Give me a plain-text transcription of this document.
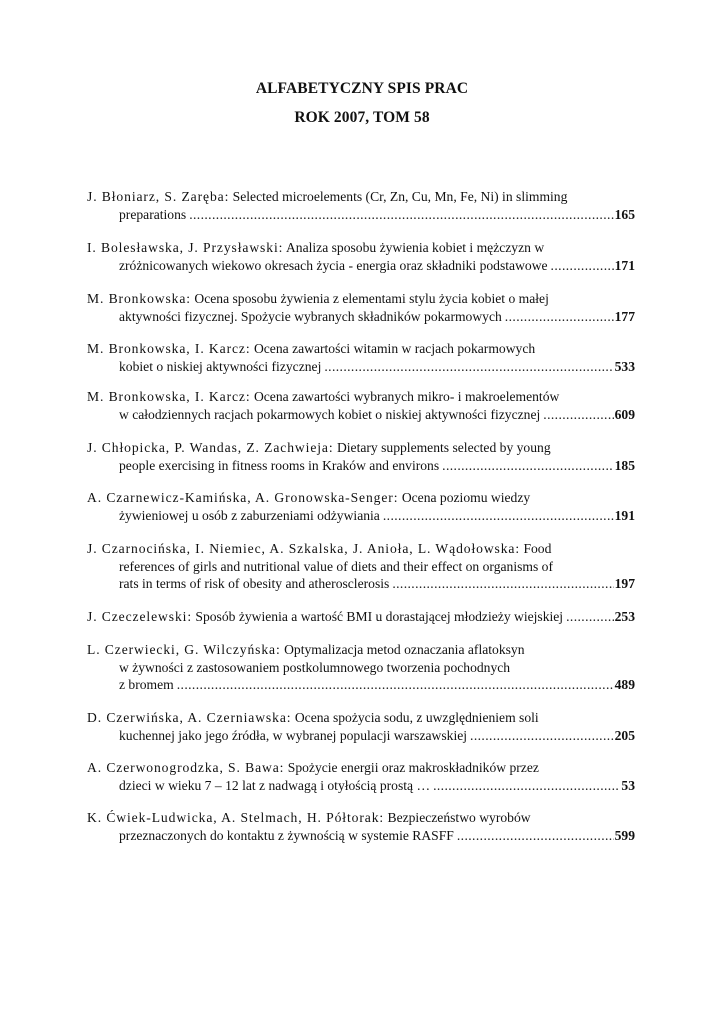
ALFABETYCZNY SPIS PRAC
ROK 2007, TOM 58
J. Błoniarz, S. Zaręba: Selected microelements (Cr, Zn, Cu, Mn, Fe, Ni) in slimming
preparations .....	165
I. Bolesławska, J. Przysławski: Analiza sposobu żywienia kobiet i mężczyzn w
zróżnicowanych wiekowo okresach życia - energia oraz składniki podstawowe .....	171
M. Bronkowska: Ocena sposobu żywienia z elementami stylu życia kobiet o małej
aktywności fizycznej. Spożycie wybranych składników pokarmowych .....	177
M. Bronkowska, I. Karcz: Ocena zawartości witamin w racjach pokarmowych
kobiet o niskiej aktywności fizycznej .....	533
M. Bronkowska, I. Karcz: Ocena zawartości wybranych mikro- i makroelementów
w całodziennych racjach pokarmowych kobiet o niskiej aktywności fizycznej .....	609
J. Chłopicka, P. Wandas, Z. Zachwieja: Dietary supplements selected by young
people exercising in fitness rooms in Kraków and environs .....	185
A. Czarnewicz-Kamińska, A. Gronowska-Senger: Ocena poziomu wiedzy
żywieniowej u osób z zaburzeniami odżywiania .....	191
J. Czarnocińska, I. Niemiec, A. Szkalska, J. Anioła, L. Wądołowska: Food
references of girls and nutritional value of diets and their effect on organisms of
rats in terms of risk of obesity and atherosclerosis .....	197
J. Czeczelewski:
Sposób żywienia a wartość BMI u dorastającej młodzieży wiejskiej .....	253
L. Czerwiecki, G. Wilczyńska: Optymalizacja metod oznaczania aflatoksyn
w żywności z zastosowaniem postkolumnowego tworzenia pochodnych
z bromem .....	489
D. Czerwińska, A. Czerniawska: Ocena spożycia sodu, z uwzględnieniem soli
kuchennej jako jego źródła, w wybranej populacji warszawskiej .....	205
A. Czerwonogrodzka, S. Bawa: Spożycie energii oraz makroskładników przez
dzieci w wieku 7 – 12 lat z nadwagą i otyłością prostą … .....	53
K. Ćwiek-Ludwicka, A. Stelmach, H. Półtorak: Bezpieczeństwo wyrobów
przeznaczonych do kontaktu z żywnością w systemie RASFF .....	599
